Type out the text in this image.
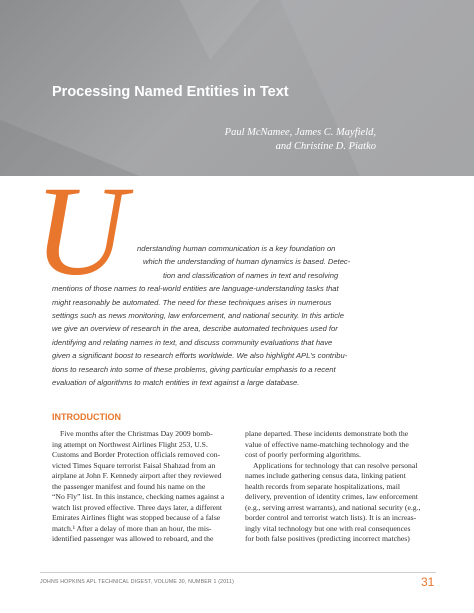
Processing Named Entities in Text
Paul McNamee, James C. Mayfield,
and Christine D. Piatko
U	nderstanding human communication is a key foundation on
which the understanding of human dynamics is based. Detec-
tion and classification of names in text and resolving
mentions of those names to real-world entities are language-understanding tasks that
might reasonably be automated. The need for these techniques arises in numerous
settings such as news monitoring, law enforcement, and national security. In this article
we give an overview of research in the area, describe automated techniques used for
identifying and relating names in text, and discuss community evaluations that have
given a significant boost to research efforts worldwide. We also highlight APL's contribu-
tions to research into some of these problems, giving particular emphasis to a recent
evaluation of algorithms to match entities in text against a large database.
INTRODUCTION
Five months after the Christmas Day 2009 bomb-
ing attempt on Northwest Airlines Flight 253, U.S.
Customs and Border Protection officials removed con-
victed Times Square terrorist Faisal Shahzad from an
airplane at John F. Kennedy airport after they reviewed
the passenger manifest and found his name on the
“No Fly” list. In this instance, checking names against a
watch list proved effective. Three days later, a different
Emirates Airlines flight was stopped because of a false
match.¹ After a delay of more than an hour, the mis-
identified passenger was allowed to reboard, and the
plane departed. These incidents demonstrate both the
value of effective name-matching technology and the
cost of poorly performing algorithms.
Applications for technology that can resolve personal
names include gathering census data, linking patient
health records from separate hospitalizations, mail
delivery, prevention of identity crimes, law enforcement
(e.g., serving arrest warrants), and national security (e.g.,
border control and terrorist watch lists). It is an increas-
ingly vital technology but one with real consequences
for both false positives (predicting incorrect matches)
JOHNS HOPKINS APL TECHNICAL DIGEST, VOLUME 30, NUMBER 1 (2011)	31
